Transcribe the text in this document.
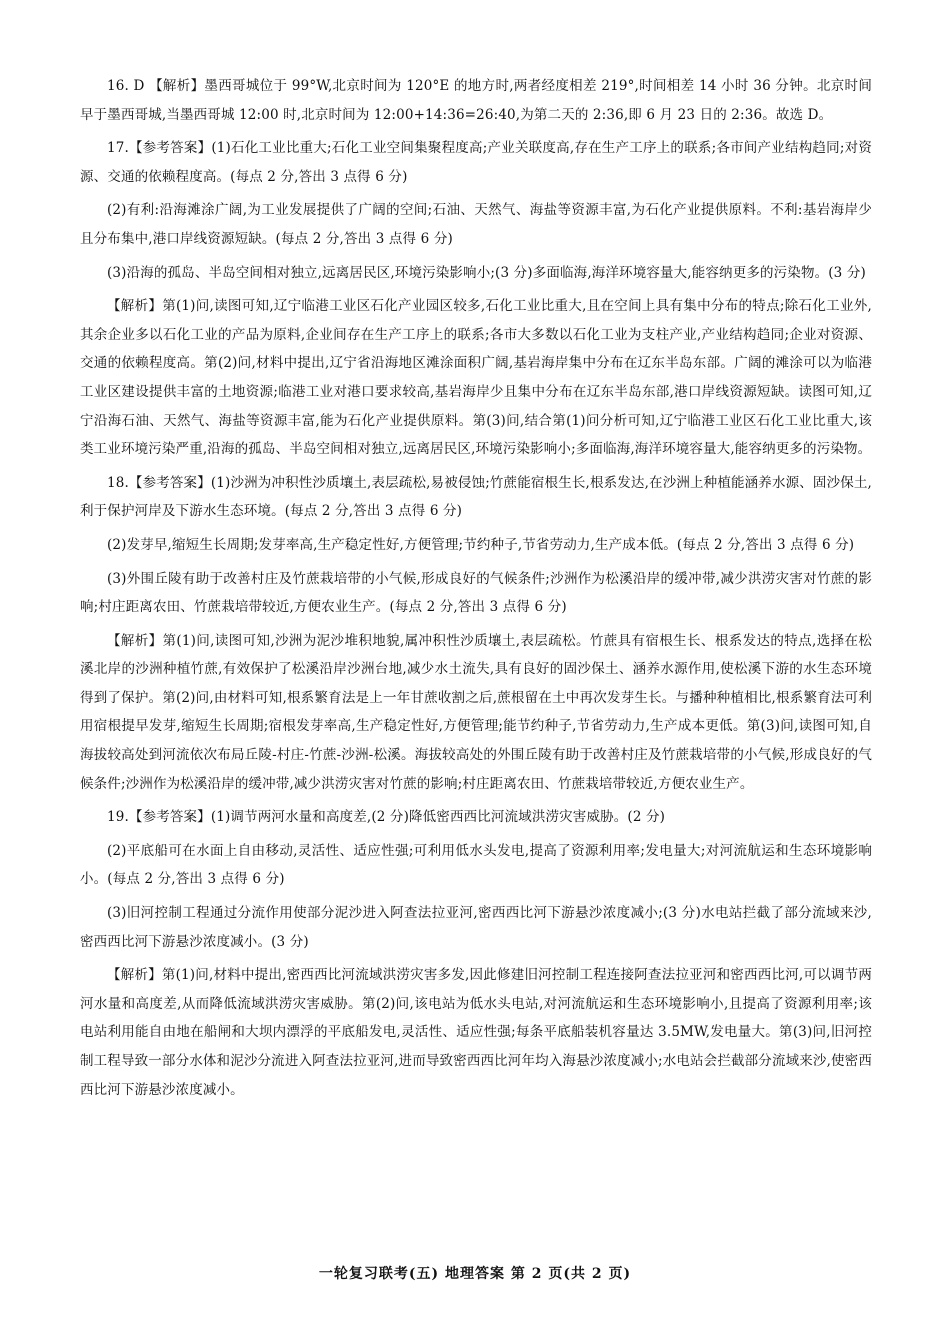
16. D 【解析】墨西哥城位于 99°W,北京时间为 120°E 的地方时,两者经度相差 219°,时间相差 14 小时 36 分钟。北京时间早于墨西哥城,当墨西哥城 12:00 时,北京时间为 12:00+14:36=26:40,为第二天的 2:36,即 6 月 23 日的 2:36。故选 D。

17.【参考答案】(1)石化工业比重大;石化工业空间集聚程度高;产业关联度高,存在生产工序上的联系;各市间产业结构趋同;对资源、交通的依赖程度高。(每点 2 分,答出 3 点得 6 分)

(2)有利:沿海滩涂广阔,为工业发展提供了广阔的空间;石油、天然气、海盐等资源丰富,为石化产业提供原料。不利:基岩海岸少且分布集中,港口岸线资源短缺。(每点 2 分,答出 3 点得 6 分)

(3)沿海的孤岛、半岛空间相对独立,远离居民区,环境污染影响小;(3 分)多面临海,海洋环境容量大,能容纳更多的污染物。(3 分)

【解析】第(1)问,读图可知,辽宁临港工业区石化产业园区较多,石化工业比重大,且在空间上具有集中分布的特点;除石化工业外,其余企业多以石化工业的产品为原料,企业间存在生产工序上的联系;各市大多数以石化工业为支柱产业,产业结构趋同;企业对资源、交通的依赖程度高。第(2)问,材料中提出,辽宁省沿海地区滩涂面积广阔,基岩海岸集中分布在辽东半岛东部。广阔的滩涂可以为临港工业区建设提供丰富的土地资源;临港工业对港口要求较高,基岩海岸少且集中分布在辽东半岛东部,港口岸线资源短缺。读图可知,辽宁沿海石油、天然气、海盐等资源丰富,能为石化产业提供原料。第(3)问,结合第(1)问分析可知,辽宁临港工业区石化工业比重大,该类工业环境污染严重,沿海的孤岛、半岛空间相对独立,远离居民区,环境污染影响小;多面临海,海洋环境容量大,能容纳更多的污染物。

18.【参考答案】(1)沙洲为冲积性沙质壤土,表层疏松,易被侵蚀;竹蔗能宿根生长,根系发达,在沙洲上种植能涵养水源、固沙保土,利于保护河岸及下游水生态环境。(每点 2 分,答出 3 点得 6 分)

(2)发芽早,缩短生长周期;发芽率高,生产稳定性好,方便管理;节约种子,节省劳动力,生产成本低。(每点 2 分,答出 3 点得 6 分)

(3)外围丘陵有助于改善村庄及竹蔗栽培带的小气候,形成良好的气候条件;沙洲作为松溪沿岸的缓冲带,减少洪涝灾害对竹蔗的影响;村庄距离农田、竹蔗栽培带较近,方便农业生产。(每点 2 分,答出 3 点得 6 分)

【解析】第(1)问,读图可知,沙洲为泥沙堆积地貌,属冲积性沙质壤土,表层疏松。竹蔗具有宿根生长、根系发达的特点,选择在松溪北岸的沙洲种植竹蔗,有效保护了松溪沿岸沙洲台地,减少水土流失,具有良好的固沙保土、涵养水源作用,使松溪下游的水生态环境得到了保护。第(2)问,由材料可知,根系繁育法是上一年甘蔗收割之后,蔗根留在土中再次发芽生长。与播种种植相比,根系繁育法可利用宿根提早发芽,缩短生长周期;宿根发芽率高,生产稳定性好,方便管理;能节约种子,节省劳动力,生产成本更低。第(3)问,读图可知,自海拔较高处到河流依次布局丘陵-村庄-竹蔗-沙洲-松溪。海拔较高处的外围丘陵有助于改善村庄及竹蔗栽培带的小气候,形成良好的气候条件;沙洲作为松溪沿岸的缓冲带,减少洪涝灾害对竹蔗的影响;村庄距离农田、竹蔗栽培带较近,方便农业生产。

19.【参考答案】(1)调节两河水量和高度差,(2 分)降低密西西比河流域洪涝灾害威胁。(2 分)

(2)平底船可在水面上自由移动,灵活性、适应性强;可利用低水头发电,提高了资源利用率;发电量大;对河流航运和生态环境影响小。(每点 2 分,答出 3 点得 6 分)

(3)旧河控制工程通过分流作用使部分泥沙进入阿查法拉亚河,密西西比河下游悬沙浓度减小;(3 分)水电站拦截了部分流域来沙,密西西比河下游悬沙浓度减小。(3 分)

【解析】第(1)问,材料中提出,密西西比河流域洪涝灾害多发,因此修建旧河控制工程连接阿查法拉亚河和密西西比河,可以调节两河水量和高度差,从而降低流域洪涝灾害威胁。第(2)问,该电站为低水头电站,对河流航运和生态环境影响小,且提高了资源利用率;该电站利用能自由地在船闸和大坝内漂浮的平底船发电,灵活性、适应性强;每条平底船装机容量达 3.5MW,发电量大。第(3)问,旧河控制工程导致一部分水体和泥沙分流进入阿查法拉亚河,进而导致密西西比河年均入海悬沙浓度减小;水电站会拦截部分流域来沙,使密西西比河下游悬沙浓度减小。

一轮复习联考(五) 地理答案 第 2 页(共 2 页)
